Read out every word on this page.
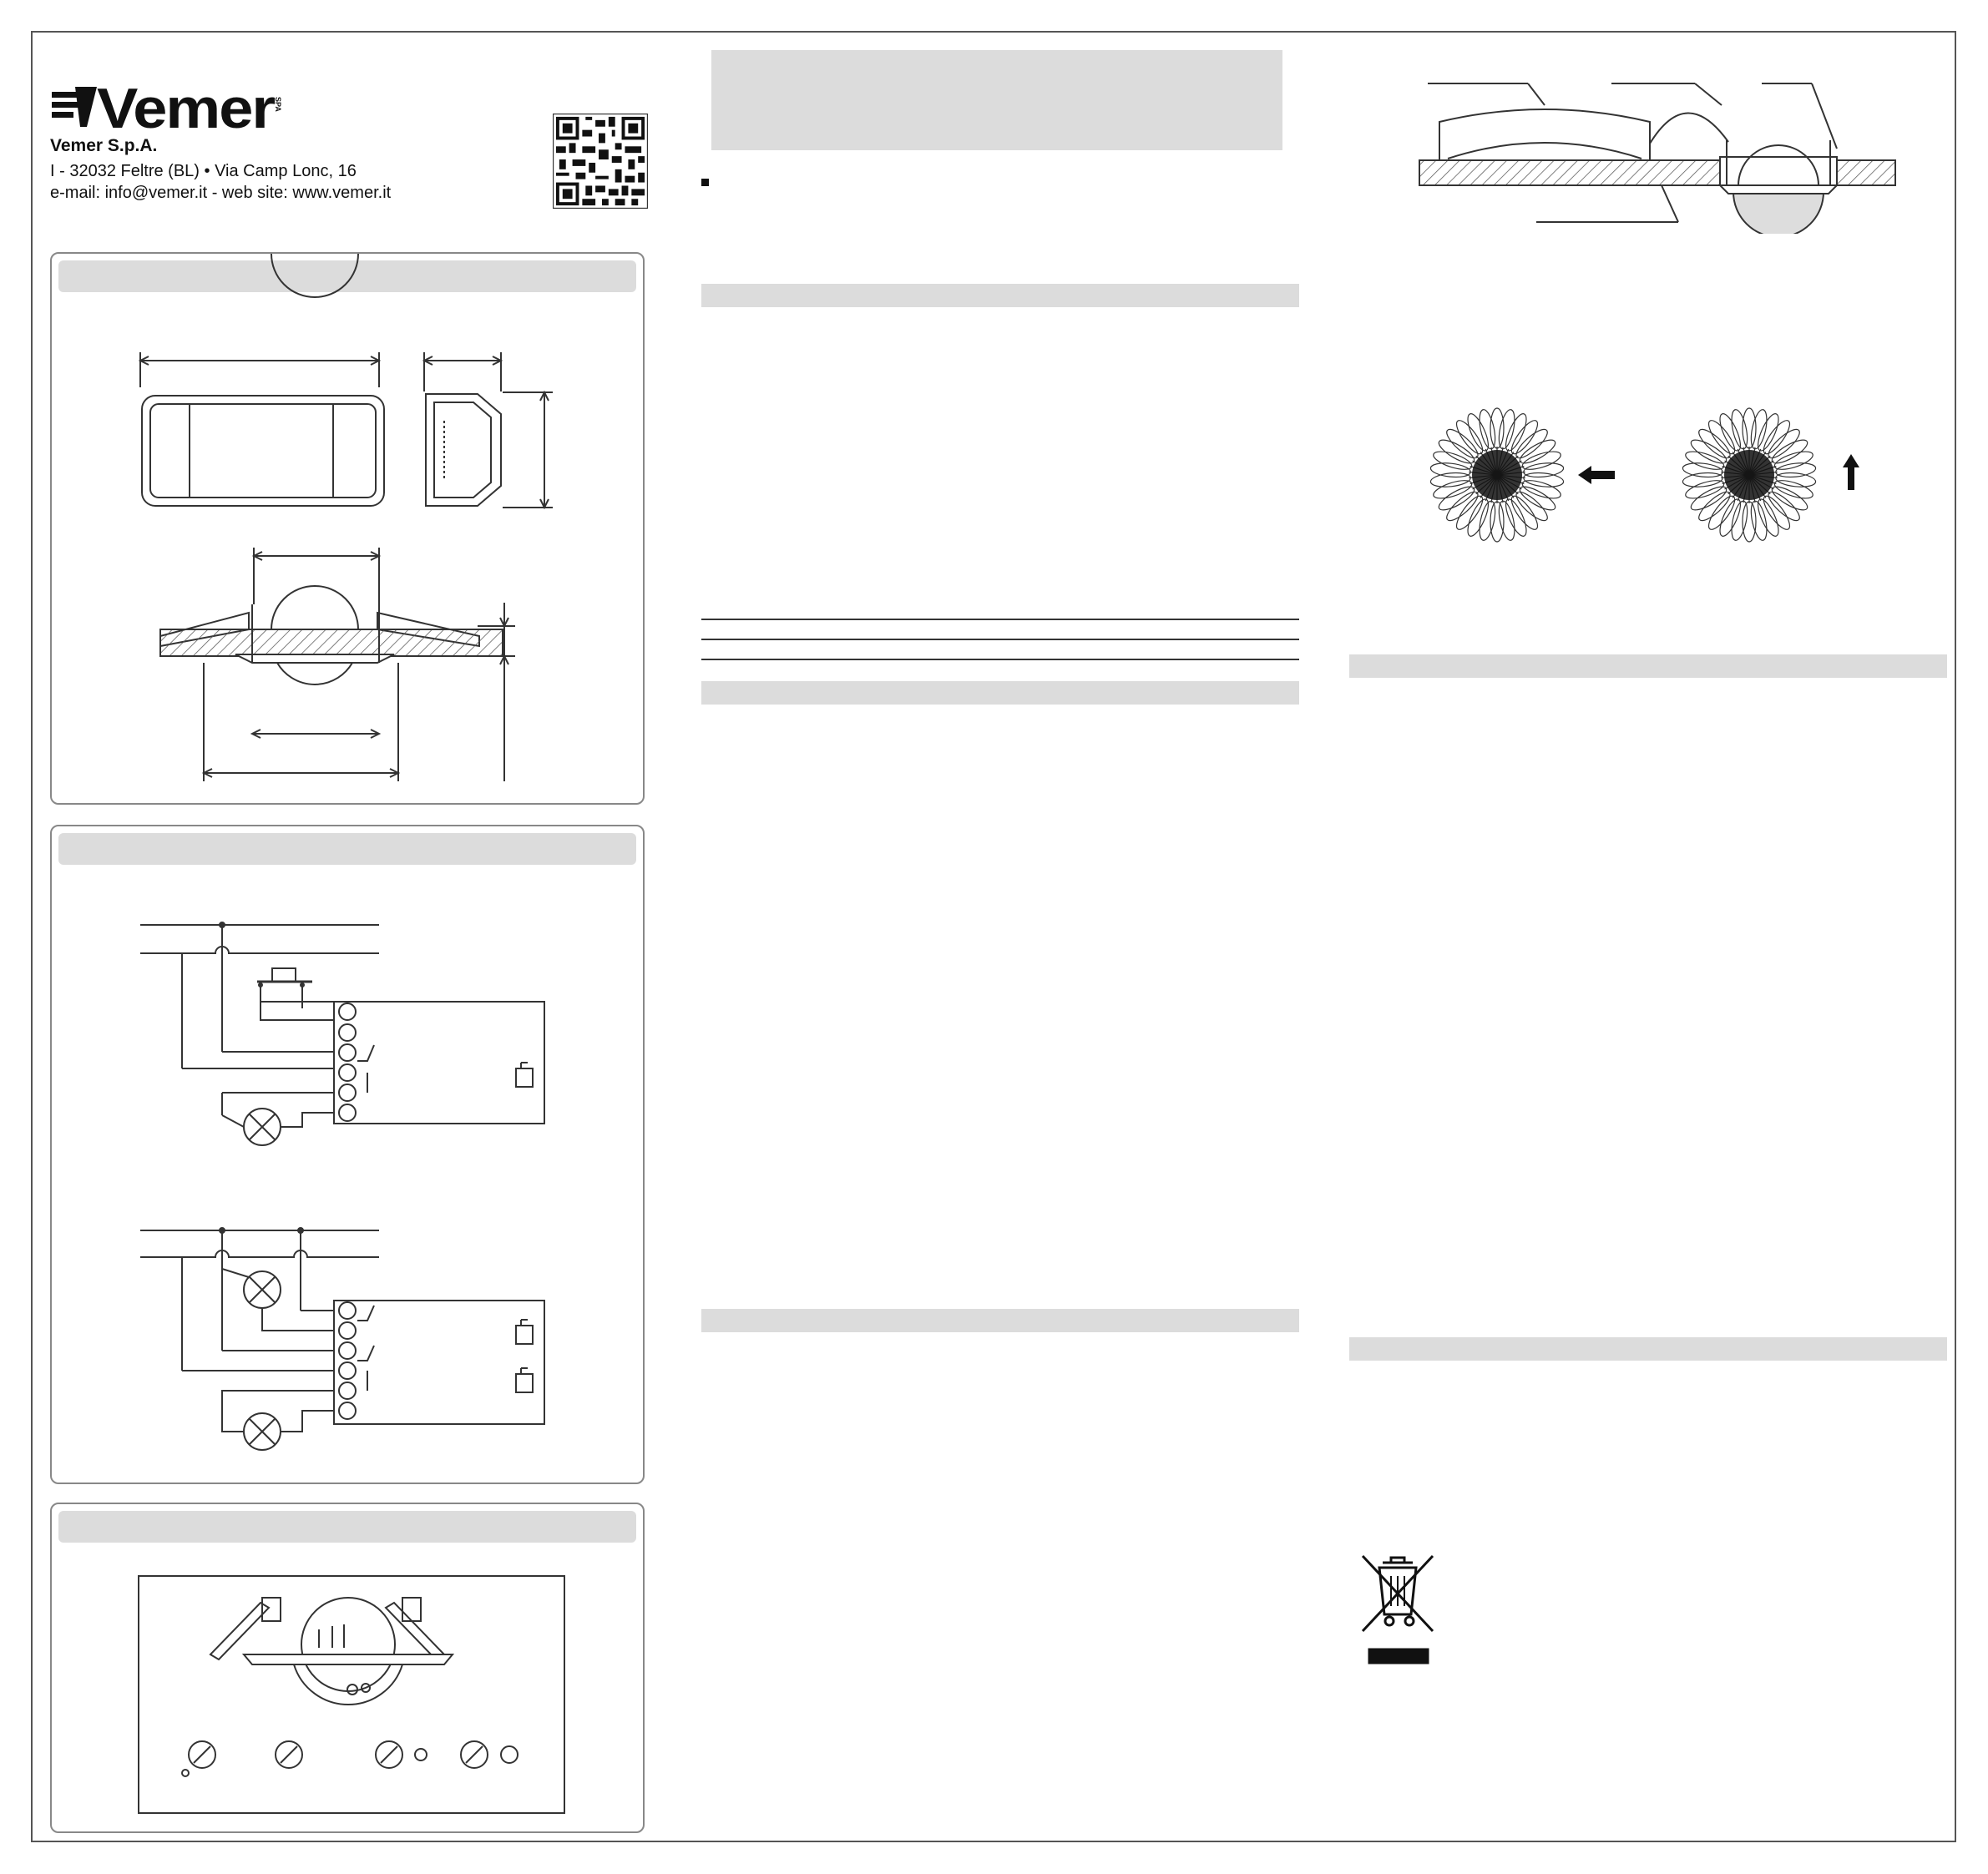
Vemer SPA
Vemer S.p.A.
I - 32032 Feltre (BL) • Via Camp Lonc, 16
e-mail: info@vemer.it - web site: www.vemer.it
